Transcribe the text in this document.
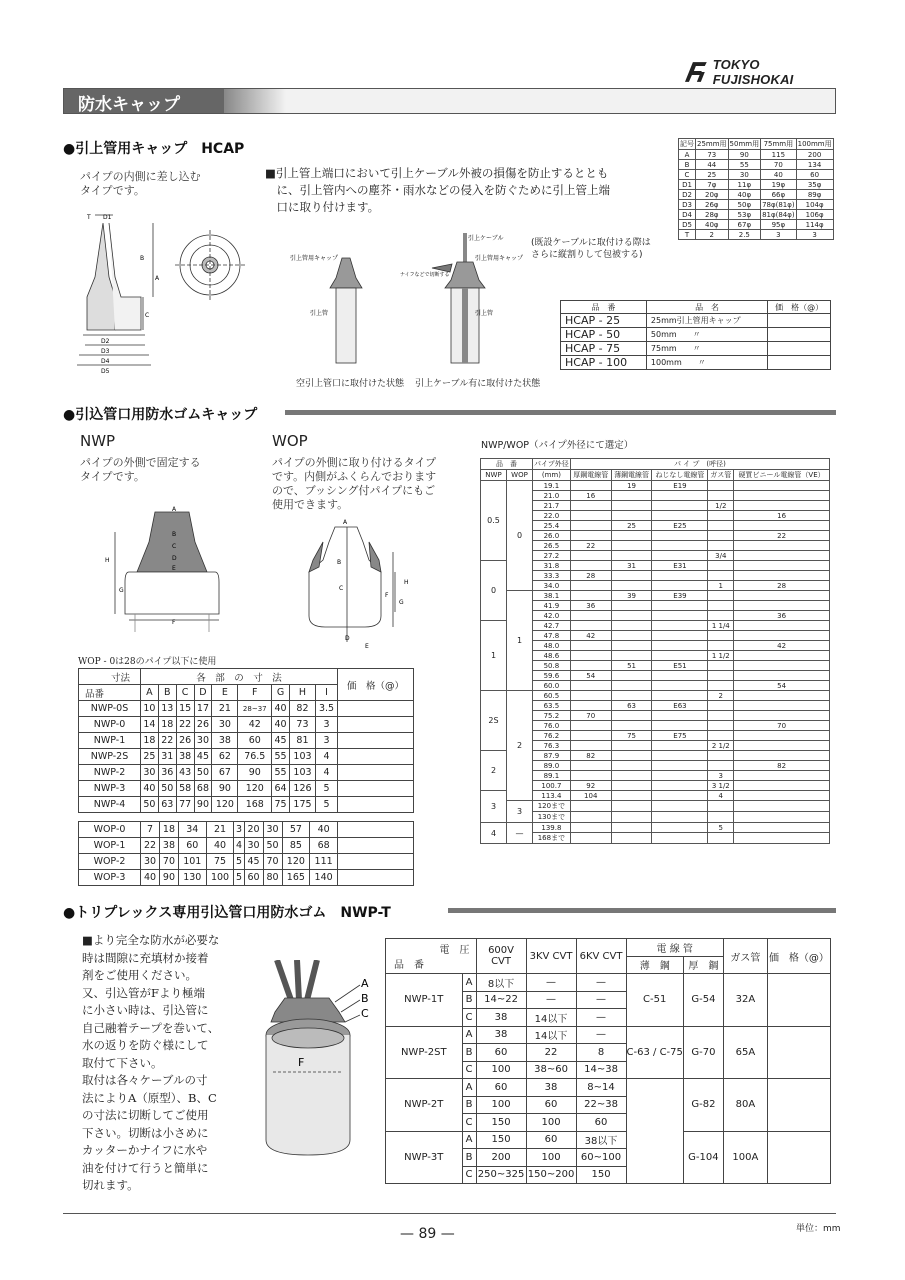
TOKYO FUJISHOKAI
防水キャップ
●引上管用キャップ　HCAP
パイプの内側に差し込む
タイプです。
■引上管上端口において引上ケーブル外被の損傷を防止するととも
　に、引上管内への塵芥・雨水などの侵入を防ぐために引上管上端
　口に取り付けます。
T D1
B
A
C
D2
D3
D4
D5
引上管用キャップ
引上管
ナイフなどで切断する
引上ケーブル
引上管用キャップ
引上管
(既設ケーブルに取付ける際は
さらに縦割りして包被する)
空引上管口に取付けた状態 引上ケーブル有に取付けた状態
記号	25mm用	50mm用	75mm用	100mm用
A	73	90	115	200
B	44	55	70	134
C	25	30	40	60
D1	7φ	11φ	19φ	35φ
D2	20φ	40φ	66φ	89φ
D3	26φ	50φ	78φ(81φ)	104φ
D4	28φ	53φ	81φ(84φ)	106φ
D5	40φ	67φ	95φ	114φ
T	2	2.5	3	3
品　番	品　名	価　格（@）
HCAP - 25	25mm引上管用キャップ	
HCAP - 50	50mm　　〃	
HCAP - 75	75mm　　〃	
HCAP - 100	100mm　　〃	
●引込管口用防水ゴムキャップ
NWP
パイプの外側で固定する
タイプです。
WOP
パイプの外側に取り付けるタイプ
です。内側がふくらんでおります
ので、ブッシング付パイプにもご
使用できます。
A
B
C
D
E
F
H
G
A
B
C
D
E
F
G
H
WOP - 0は28のパイプ以下に使用
寸法	各　部　の　寸　法									価　格（@）
品番	A	B	C	D	E	F	G	H	I	
NWP-0S	10	13	15	17	21	28~37	40	82	3.5	
NWP-0	14	18	22	26	30	42	40	73	3	
NWP-1	18	22	26	30	38	60	45	81	3	
NWP-2S	25	31	38	45	62	76.5	55	103	4	
NWP-2	30	36	43	50	67	90	55	103	4	
NWP-3	40	50	58	68	90	120	64	126	5	
NWP-4	50	63	77	90	120	168	75	175	5	
WOP-0	7	18	34	21	3	20	30	57	40	
WOP-1	22	38	60	40	4	30	50	85	68	
WOP-2	30	70	101	75	5	45	70	120	111	
WOP-3	40	90	130	100	5	60	80	165	140	
NWP/WOP（パイプ外径にて選定）
品　番		パイプ外径	パ イ プ　(呼径)				
NWP	WOP	(mm)	厚鋼電線管	薄鋼電線管	ねじなし電線管	ガス管	硬質ビニール電線管（VE）
0.5	0	19.1		19	E19		
		21.0	16				
		21.7				1/2	
		22.0					16
		25.4		25	E25		
		26.0					22
		26.5	22				
		27.2				3/4	
0		31.8		31	E31		
		33.3	28				
		34.0				1	28
	1	38.1		39	E39		
		41.9	36				
		42.0					36
1		42.7				1 1/4	
		47.8	42				
		48.0					42
		48.6				1 1/2	
		50.8		51	E51		
		59.6	54				
		60.0					54
2S	2	60.5				2	
		63.5		63	E63		
		75.2	70				
		76.0					70
		76.2		75	E75		
		76.3				2 1/2	
2		87.9	82				
		89.0					82
		89.1				3	
		100.7	92			3 1/2	
3		113.4	104			4	
	3	120まで					
		130まで					
4	—	139.8				5	
		168まで					
●トリプレックス専用引込管口用防水ゴム　NWP-T
■より完全な防水が必要な
時は間隙に充填材か接着
剤をご使用ください。
又、引込管がFより極端
に小さい時は、引込管に
自己融着テープを巻いて、
水の返りを防ぐ様にして
取付て下さい。
取付は各々ケーブルの寸
法によりA（原型）、B、C
の寸法に切断してご使用
下さい。切断は小さめに
カッターかナイフに水や
油を付けて行うと簡単に
切れます。
A
B
C
F
電　圧
品　番		600V CVT	3KV CVT	6KV CVT	電 線 管		ガス管	価　格（@）
					薄　鋼	厚　鋼		
NWP-1T	A	8以下	—	—	C-51	G-54	32A	
	B	14~22	—	—				
	C	38	14以下	—				
NWP-2ST	A	38	14以下	—	C-63 / C-75	G-70	65A	
	B	60	22	8				
	C	100	38~60	14~38				
NWP-2T	A	60	38	8~14		G-82	80A	
	B	100	60	22~38				
	C	150	100	60				
NWP-3T	A	150	60	38以下		G-104	100A	
	B	200	100	60~100				
	C	250~325	150~200	150				
— 89 —	単位：mm
